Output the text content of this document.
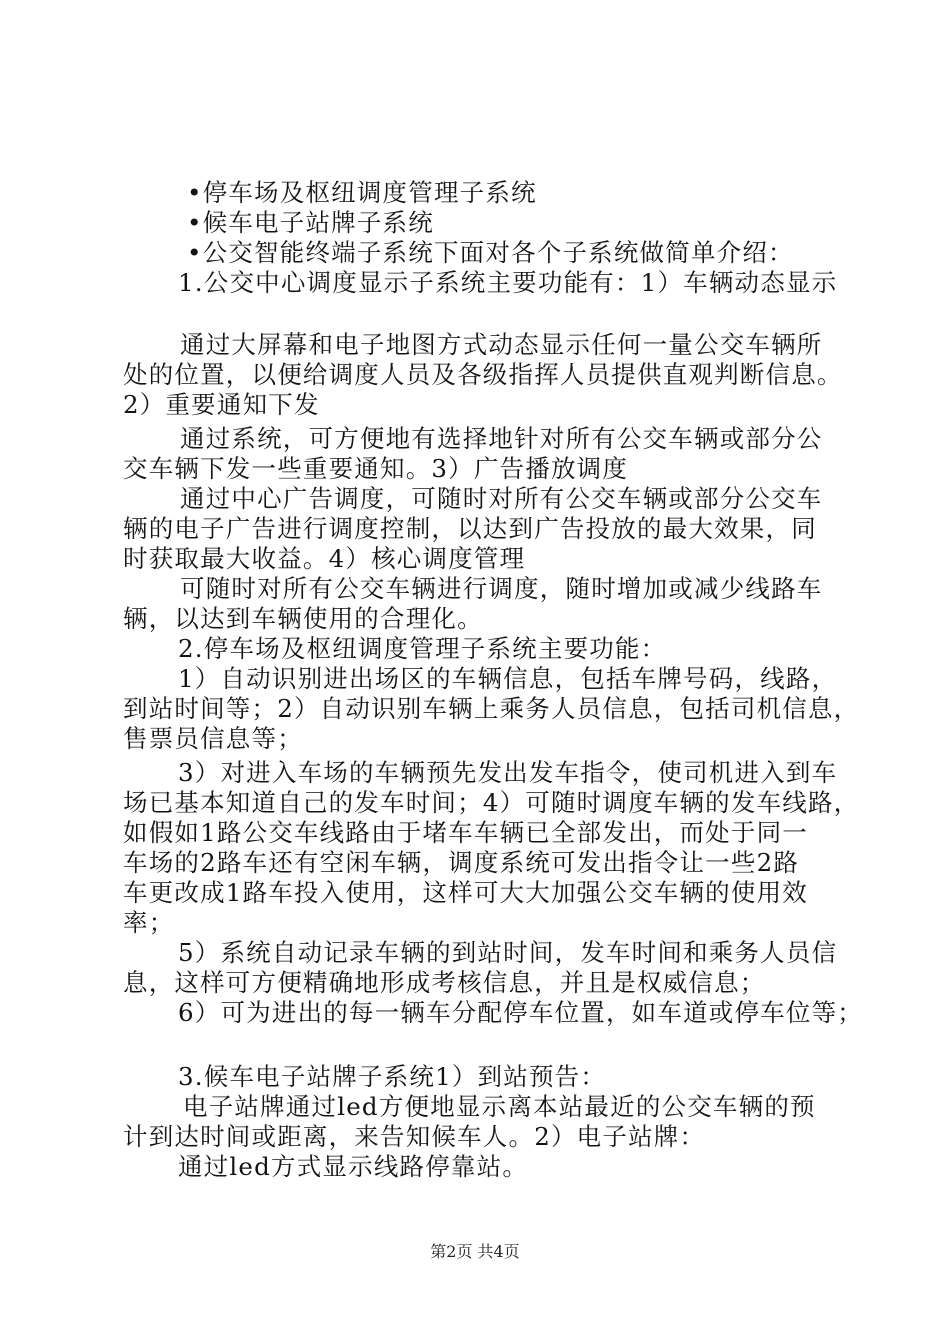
•停车场及枢纽调度管理子系统
•候车电子站牌子系统
•公交智能终端子系统下面对各个子系统做简单介绍：
1.公交中心调度显示子系统主要功能有：1）车辆动态显示
通过大屏幕和电子地图方式动态显示任何一量公交车辆所
处的位置，以便给调度人员及各级指挥人员提供直观判断信息。
2）重要通知下发
通过系统，可方便地有选择地针对所有公交车辆或部分公
交车辆下发一些重要通知。3）广告播放调度
通过中心广告调度，可随时对所有公交车辆或部分公交车
辆的电子广告进行调度控制，以达到广告投放的最大效果，同
时获取最大收益。4）核心调度管理
可随时对所有公交车辆进行调度，随时增加或减少线路车
辆，以达到车辆使用的合理化。
2.停车场及枢纽调度管理子系统主要功能：
1）自动识别进出场区的车辆信息，包括车牌号码，线路，
到站时间等；2）自动识别车辆上乘务人员信息，包括司机信息，
售票员信息等；
3）对进入车场的车辆预先发出发车指令，使司机进入到车
场已基本知道自己的发车时间；4）可随时调度车辆的发车线路，
如假如1路公交车线路由于堵车车辆已全部发出，而处于同一
车场的2路车还有空闲车辆，调度系统可发出指令让一些2路
车更改成1路车投入使用，这样可大大加强公交车辆的使用效
率；
5）系统自动记录车辆的到站时间，发车时间和乘务人员信
息，这样可方便精确地形成考核信息，并且是权威信息；
6）可为进出的每一辆车分配停车位置，如车道或停车位等；
3.候车电子站牌子系统1）到站预告：
电子站牌通过led方便地显示离本站最近的公交车辆的预
计到达时间或距离，来告知候车人。2）电子站牌：
通过led方式显示线路停靠站。
第2页 共4页
